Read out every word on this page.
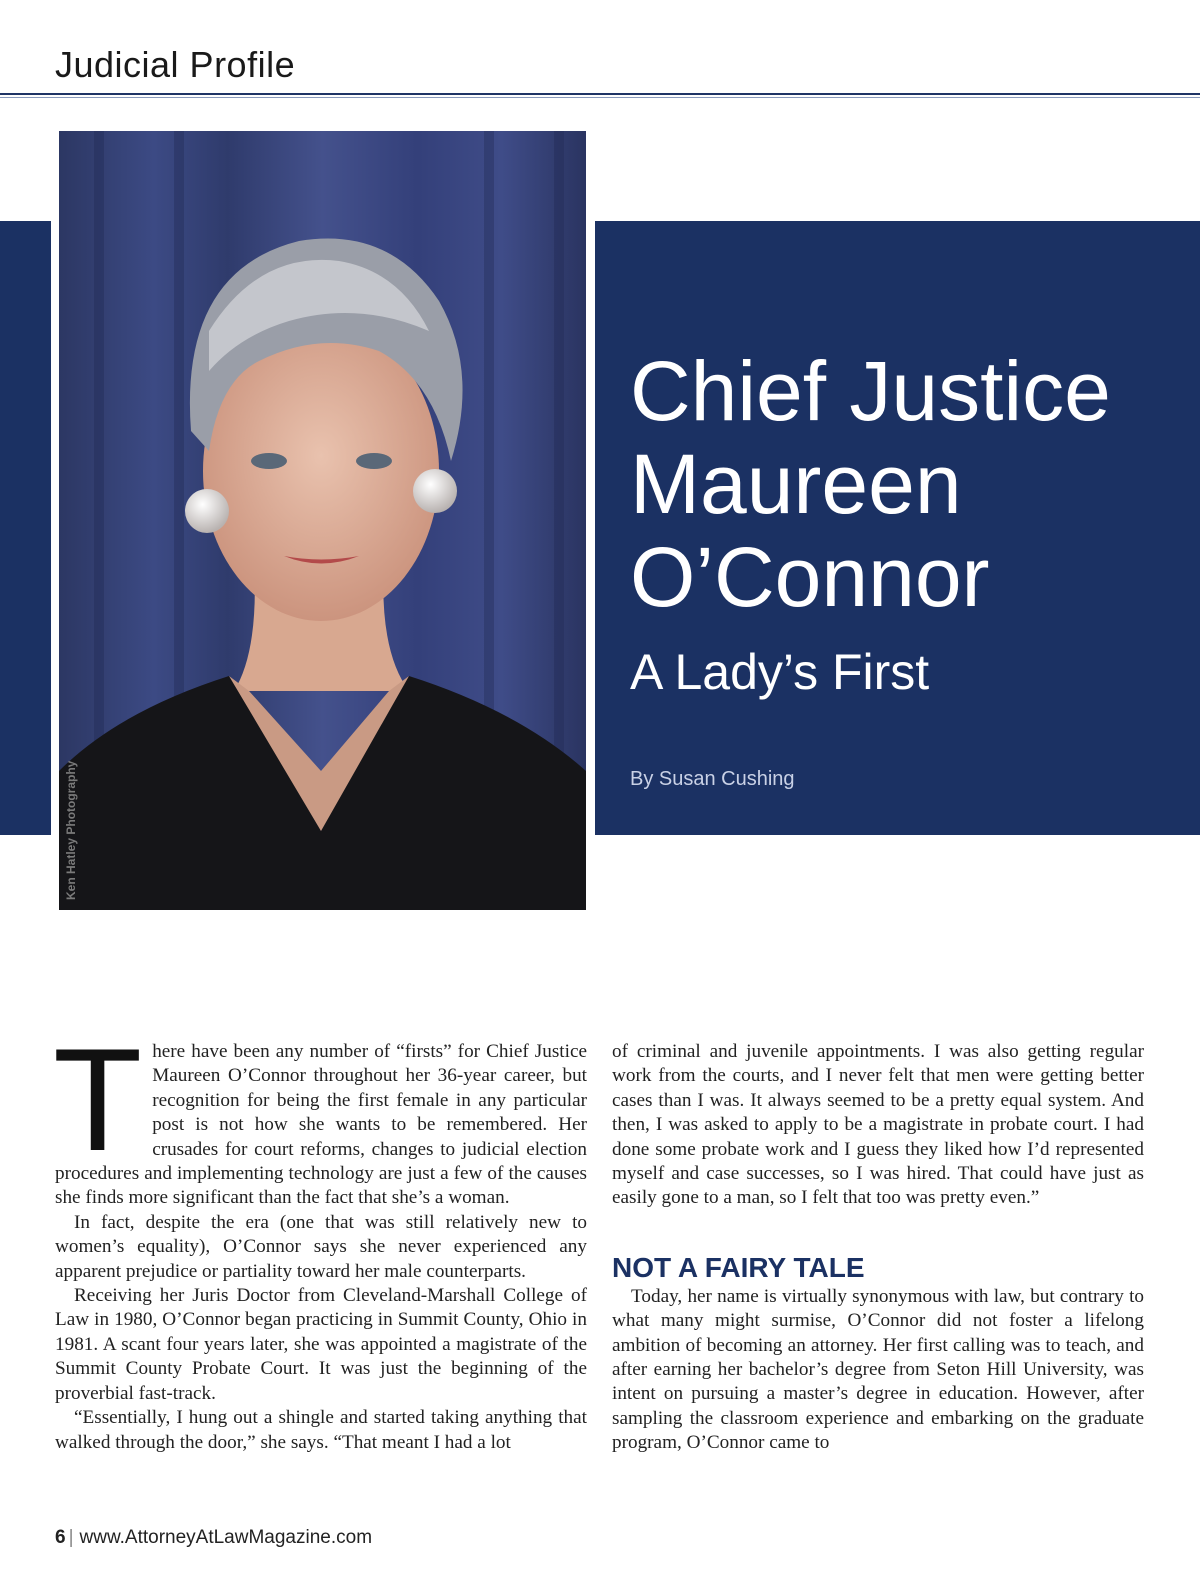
Judicial Profile
Ken Hatley Photography
Chief Justice
Maureen
O’Connor
A Lady’s First
By Susan Cushing

There have been any number of “firsts” for Chief Justice Maureen O’Connor throughout her 36-year career, but recognition for being the first female in any particular post is not how she wants to be remembered. Her crusades for court reforms, changes to judicial election procedures and implementing technology are just a few of the causes she finds more significant than the fact that she’s a woman.

In fact, despite the era (one that was still relatively new to women’s equality), O’Connor says she never experienced any apparent prejudice or partiality toward her male counterparts.

Receiving her Juris Doctor from Cleveland-Marshall College of Law in 1980, O’Connor began practicing in Summit County, Ohio in 1981. A scant four years later, she was appointed a magistrate of the Summit County Probate Court. It was just the beginning of the proverbial fast-track.

“Essentially, I hung out a shingle and started taking anything that walked through the door,” she says. “That meant I had a lot

of criminal and juvenile appointments. I was also getting regular work from the courts, and I never felt that men were getting better cases than I was. It always seemed to be a pretty equal system. And then, I was asked to apply to be a magistrate in probate court. I had done some probate work and I guess they liked how I’d represented myself and case successes, so I was hired. That could have just as easily gone to a man, so I felt that too was pretty even.”

NOT A FAIRY TALE

Today, her name is virtually synonymous with law, but contrary to what many might surmise, O’Connor did not foster a lifelong ambition of becoming an attorney. Her first calling was to teach, and after earning her bachelor’s degree from Seton Hill University, was intent on pursuing a master’s degree in education. However, after sampling the classroom experience and embarking on the graduate program, O’Connor came to

6 | www.AttorneyAtLawMagazine.com
